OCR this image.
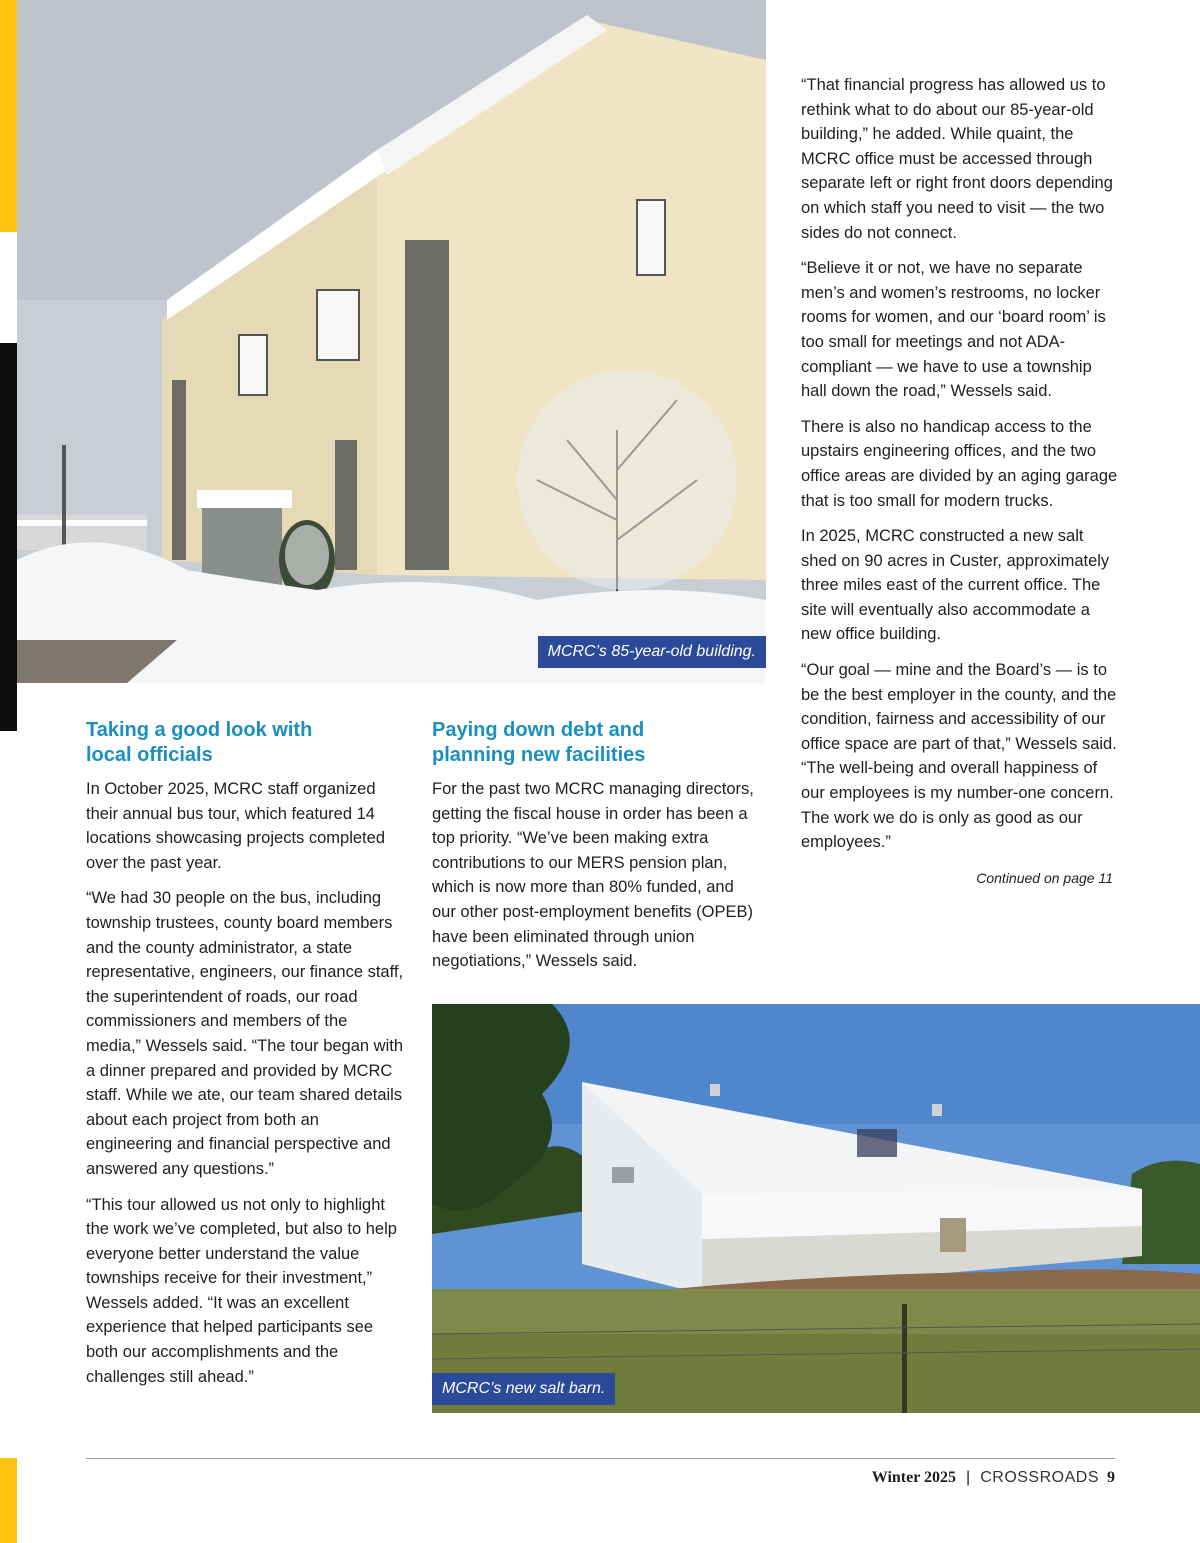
MCRC’s 85-year-old building.

“That financial progress has allowed us to rethink what to do about our 85-year-old building,” he added. While quaint, the MCRC office must be accessed through separate left or right front doors depending on which staff you need to visit — the two sides do not connect.

“Believe it or not, we have no separate men’s and women’s restrooms, no locker rooms for women, and our ‘board room’ is too small for meetings and not ADA-compliant — we have to use a township hall down the road,” Wessels said.

There is also no handicap access to the upstairs engineering offices, and the two office areas are divided by an aging garage that is too small for modern trucks.

In 2025, MCRC constructed a new salt shed on 90 acres in Custer, approximately three miles east of the current office. The site will eventually also accommodate a new office building.

“Our goal — mine and the Board’s — is to be the best employer in the county, and the condition, fairness and accessibility of our office space are part of that,” Wessels said. “The well-being and overall happiness of our employees is my number-one concern. The work we do is only as good as our employees.”

Continued on page 11
Taking a good look with
local officials

In October 2025, MCRC staff organized their annual bus tour, which featured 14 locations showcasing projects completed over the past year.

“We had 30 people on the bus, including township trustees, county board members and the county administrator, a state representative, engineers, our finance staff, the superintendent of roads, our road commissioners and members of the media,” Wessels said. “The tour began with a dinner prepared and provided by MCRC staff. While we ate, our team shared details about each project from both an engineering and financial perspective and answered any questions.”

“This tour allowed us not only to highlight the work we’ve completed, but also to help everyone better understand the value townships receive for their investment,” Wessels added. “It was an excellent experience that helped participants see both our accomplishments and the challenges still ahead.”

Paying down debt and
planning new facilities

For the past two MCRC managing directors, getting the fiscal house in order has been a top priority. “We’ve been making extra contributions to our MERS pension plan, which is now more than 80% funded, and our other post-employment benefits (OPEB) have been eliminated through union negotiations,” Wessels said.

MCRC’s new salt barn.
Winter 2025 | CROSSROADS 9
